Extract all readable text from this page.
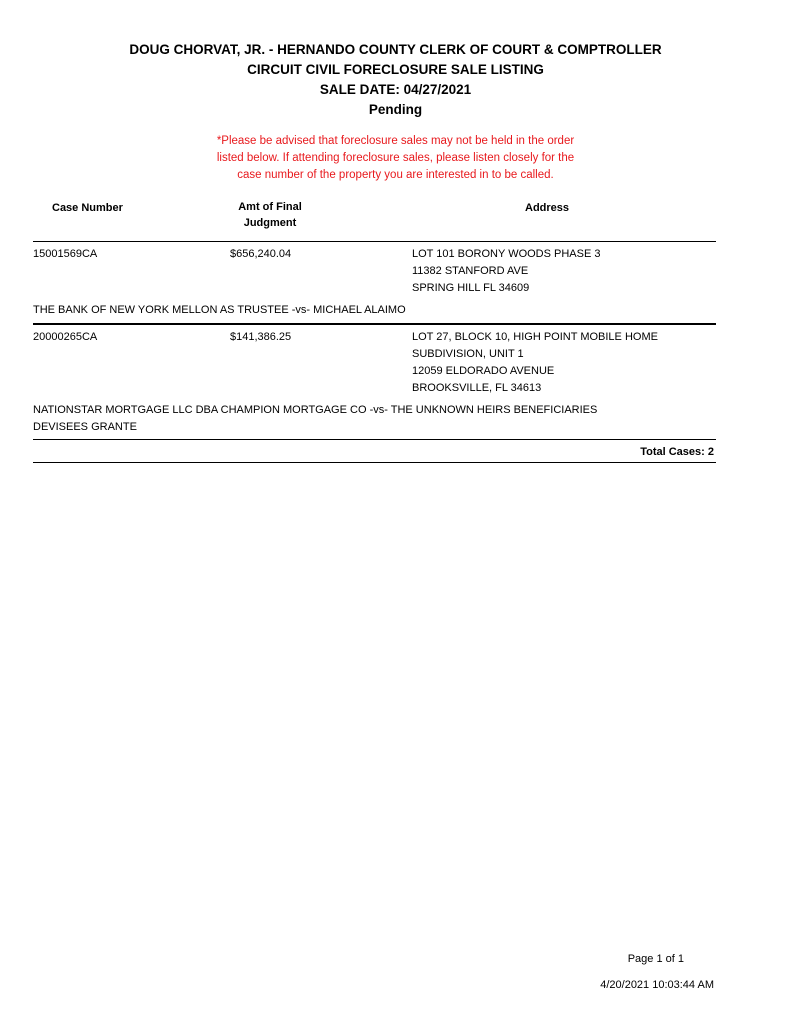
DOUG CHORVAT, JR. - HERNANDO COUNTY CLERK OF COURT & COMPTROLLER
CIRCUIT CIVIL FORECLOSURE SALE LISTING
SALE DATE: 04/27/2021
Pending
*Please be advised that foreclosure sales may not be held in the order
listed below. If attending foreclosure sales, please listen closely for the
case number of the property you are interested in to be called.
Case Number	Amt of Final
Judgment
Address
15001569CA	$656,240.04	LOT 101 BORONY WOODS PHASE 3
11382 STANFORD AVE
SPRING HILL FL 34609
THE BANK OF NEW YORK MELLON AS TRUSTEE -vs- MICHAEL ALAIMO
20000265CA	$141,386.25	LOT 27, BLOCK 10, HIGH POINT MOBILE HOME
SUBDIVISION, UNIT 1
12059 ELDORADO AVENUE
BROOKSVILLE, FL 34613
NATIONSTAR MORTGAGE LLC DBA CHAMPION MORTGAGE CO -vs- THE UNKNOWN HEIRS BENEFICIARIES
DEVISEES GRANTE
Total Cases: 2
Page 1 of 1
4/20/2021 10:03:44 AM
